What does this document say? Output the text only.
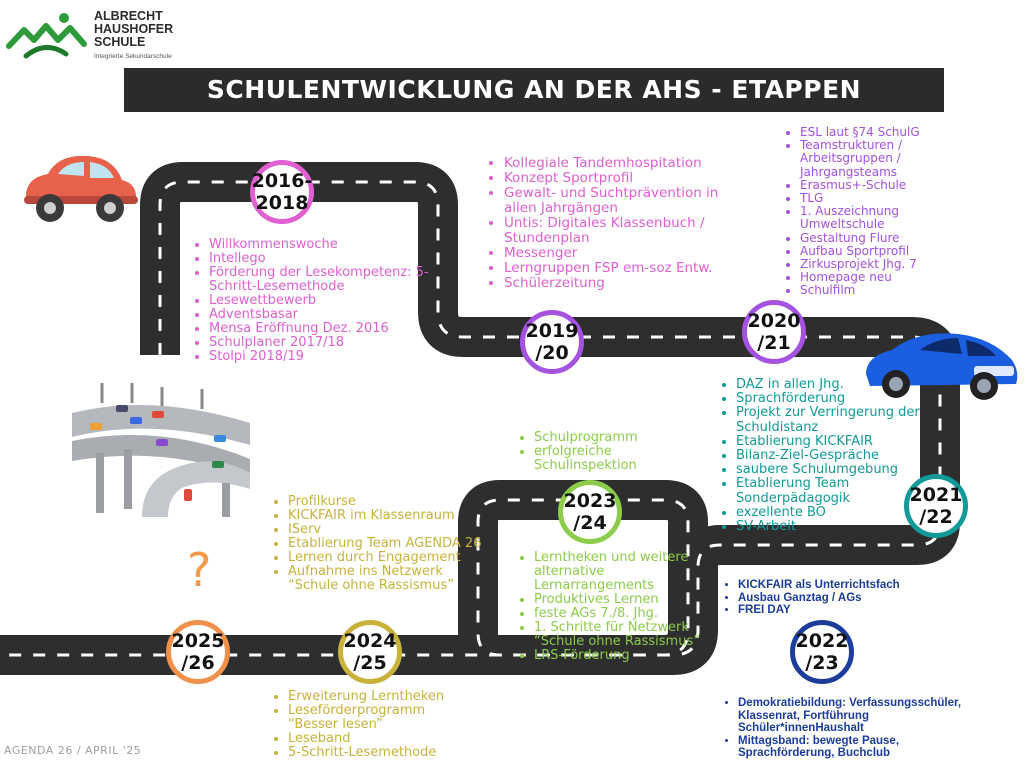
ALBRECHT
HAUSHOFER
SCHULE
Integrierte Sekundarschule
SCHULENTWICKLUNG AN DER AHS - ETAPPEN
?
2016-
2018
2019
/20
2020
/21
2021
/22
2022
/23
2023
/24
2024
/25
2025
/26
• Willkommenswoche
• Intellego
• Förderung der Lesekompetenz: 5-Schritt-Lesemethode
• Lesewettbewerb
• Adventsbasar
• Mensa Eröffnung Dez. 2016
• Schulplaner 2017/18
• Stolpi 2018/19
• Kollegiale Tandemhospitation
• Konzept Sportprofil
• Gewalt- und Suchtprävention in allen Jahrgängen
• Untis: Digitales Klassenbuch / Stundenplan
• Messenger
• Lerngruppen FSP em-soz Entw.
• Schülerzeitung
• ESL laut §74 SchulG
• Teamstrukturen / Arbeitsgruppen / Jahrgangsteams
• Erasmus+-Schule
• TLG
• 1. Auszeichnung Umweltschule
• Gestaltung Flure
• Aufbau Sportprofil
• Zirkusprojekt Jhg. 7
• Homepage neu
• Schulfilm
• DAZ in allen Jhg.
• Sprachförderung
• Projekt zur Verringerung der Schuldistanz
• Etablierung KICKFAIR
• Bilanz-Ziel-Gespräche
• saubere Schulumgebung
• Etablierung Team Sonderpädagogik
• exzellente BO
• SV-Arbeit
• KICKFAIR als Unterrichtsfach
• Ausbau Ganztag / AGs
• FREI DAY
• Demokratiebildung: Verfassungsschüler, Klassenrat, Fortführung Schüler*innenHaushalt
• Mittagsband: bewegte Pause, Sprachförderung, Buchclub
• Schulprogramm
• erfolgreiche Schulinspektion
• Lerntheken und weitere alternative Lernarrangements
• Produktives Lernen
• feste AGs 7./8. Jhg.
• 1. Schritte für Netzwerk “Schule ohne Rassismus”
• LRS-Förderung
• Profilkurse
• KICKFAIR im Klassenraum
• IServ
• Etablierung Team AGENDA 26
• Lernen durch Engagement
• Aufnahme ins Netzwerk “Schule ohne Rassismus”
• Erweiterung Lerntheken
• Leseförderprogramm “Besser lesen”
• Leseband
• 5-Schritt-Lesemethode
AGENDA 26 / APRIL '25
